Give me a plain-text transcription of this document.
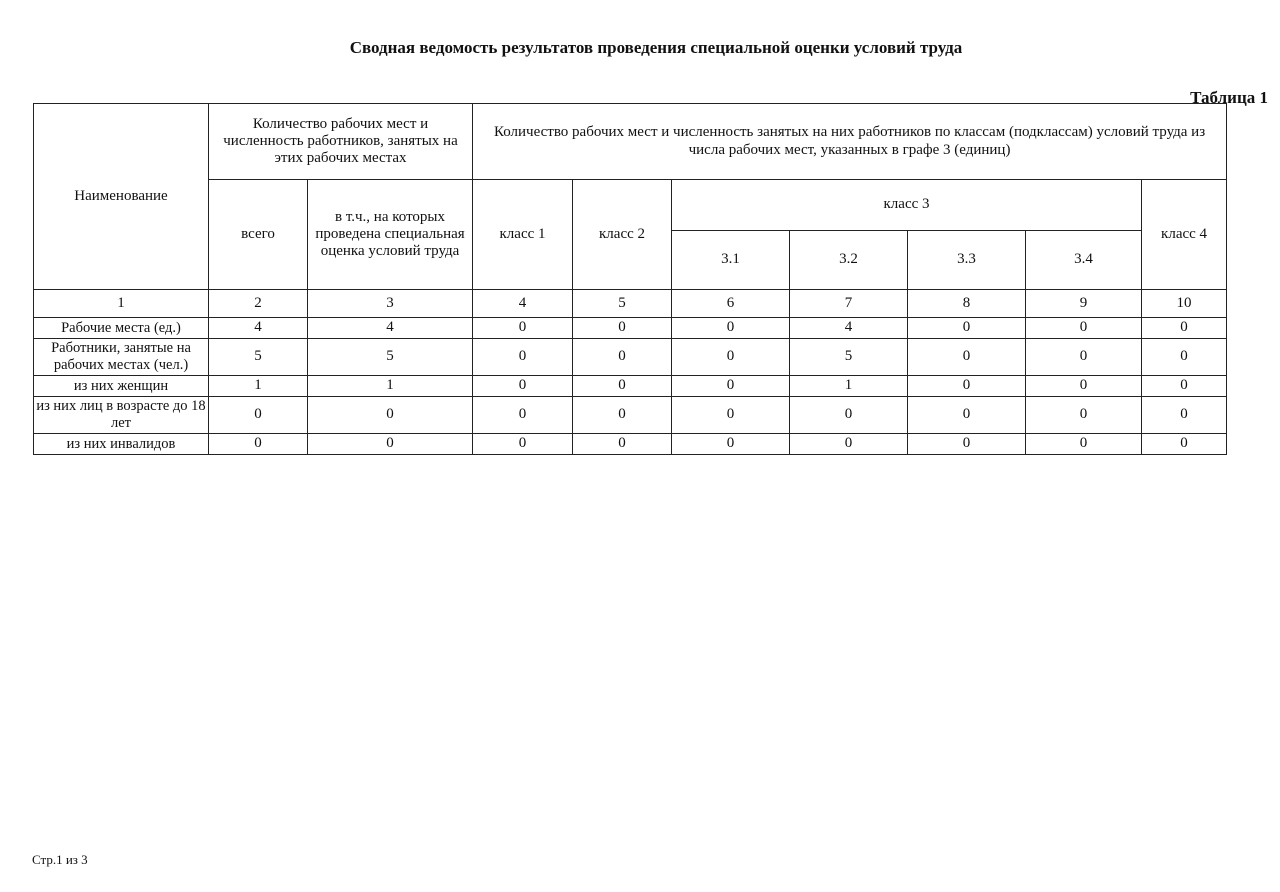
Сводная ведомость результатов проведения специальной оценки условий труда
Таблица 1
Наименование	Количество рабочих мест и численность работников, занятых на этих рабочих местах		Количество рабочих мест и численность занятых на них работников по классам (подклассам) условий труда из числа рабочих мест, указанных в графе 3 (единиц)						
	всего	в т.ч., на которых проведена специальная оценка условий труда	класс 1	класс 2	класс 3				класс 4
					3.1	3.2	3.3	3.4	
1	2	3	4	5	6	7	8	9	10
Рабочие места (ед.)	4	4	0	0	0	4	0	0	0
Работники, занятые на рабочих местах (чел.)	5	5	0	0	0	5	0	0	0
из них женщин	1	1	0	0	0	1	0	0	0
из них лиц в возрасте до 18 лет	0	0	0	0	0	0	0	0	0
из них инвалидов	0	0	0	0	0	0	0	0	0
Стр.1 из 3
